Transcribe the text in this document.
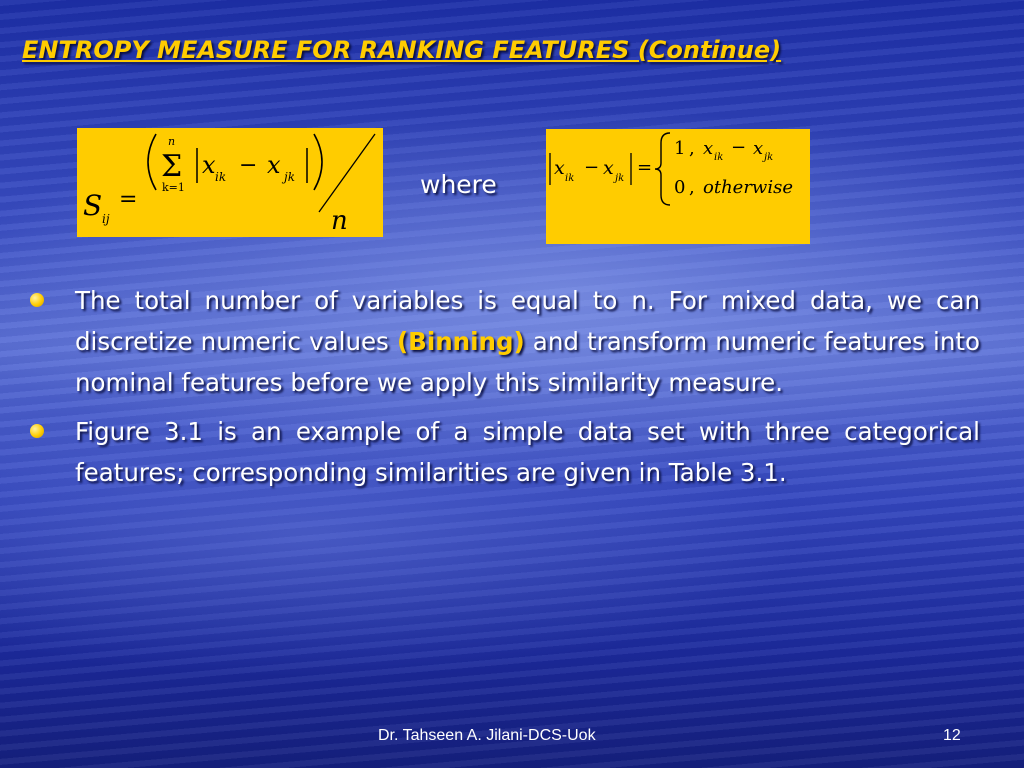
ENTROPY MEASURE FOR RANKING FEATURES (Continue)
S ij
=
n
Σ
k=1
x ik − x jk
n
where
x ik
− x jk
=
1 , x ik − x jk
0 , otherwise
The total number of variables is equal to n. For mixed data, we can discretize numeric values (Binning) and transform numeric features into nominal features before we apply this similarity measure.
Figure 3.1 is an example of a simple data set with three categorical features; corresponding similarities are given in Table 3.1.
Dr. Tahseen A. Jilani-DCS-Uok	12
